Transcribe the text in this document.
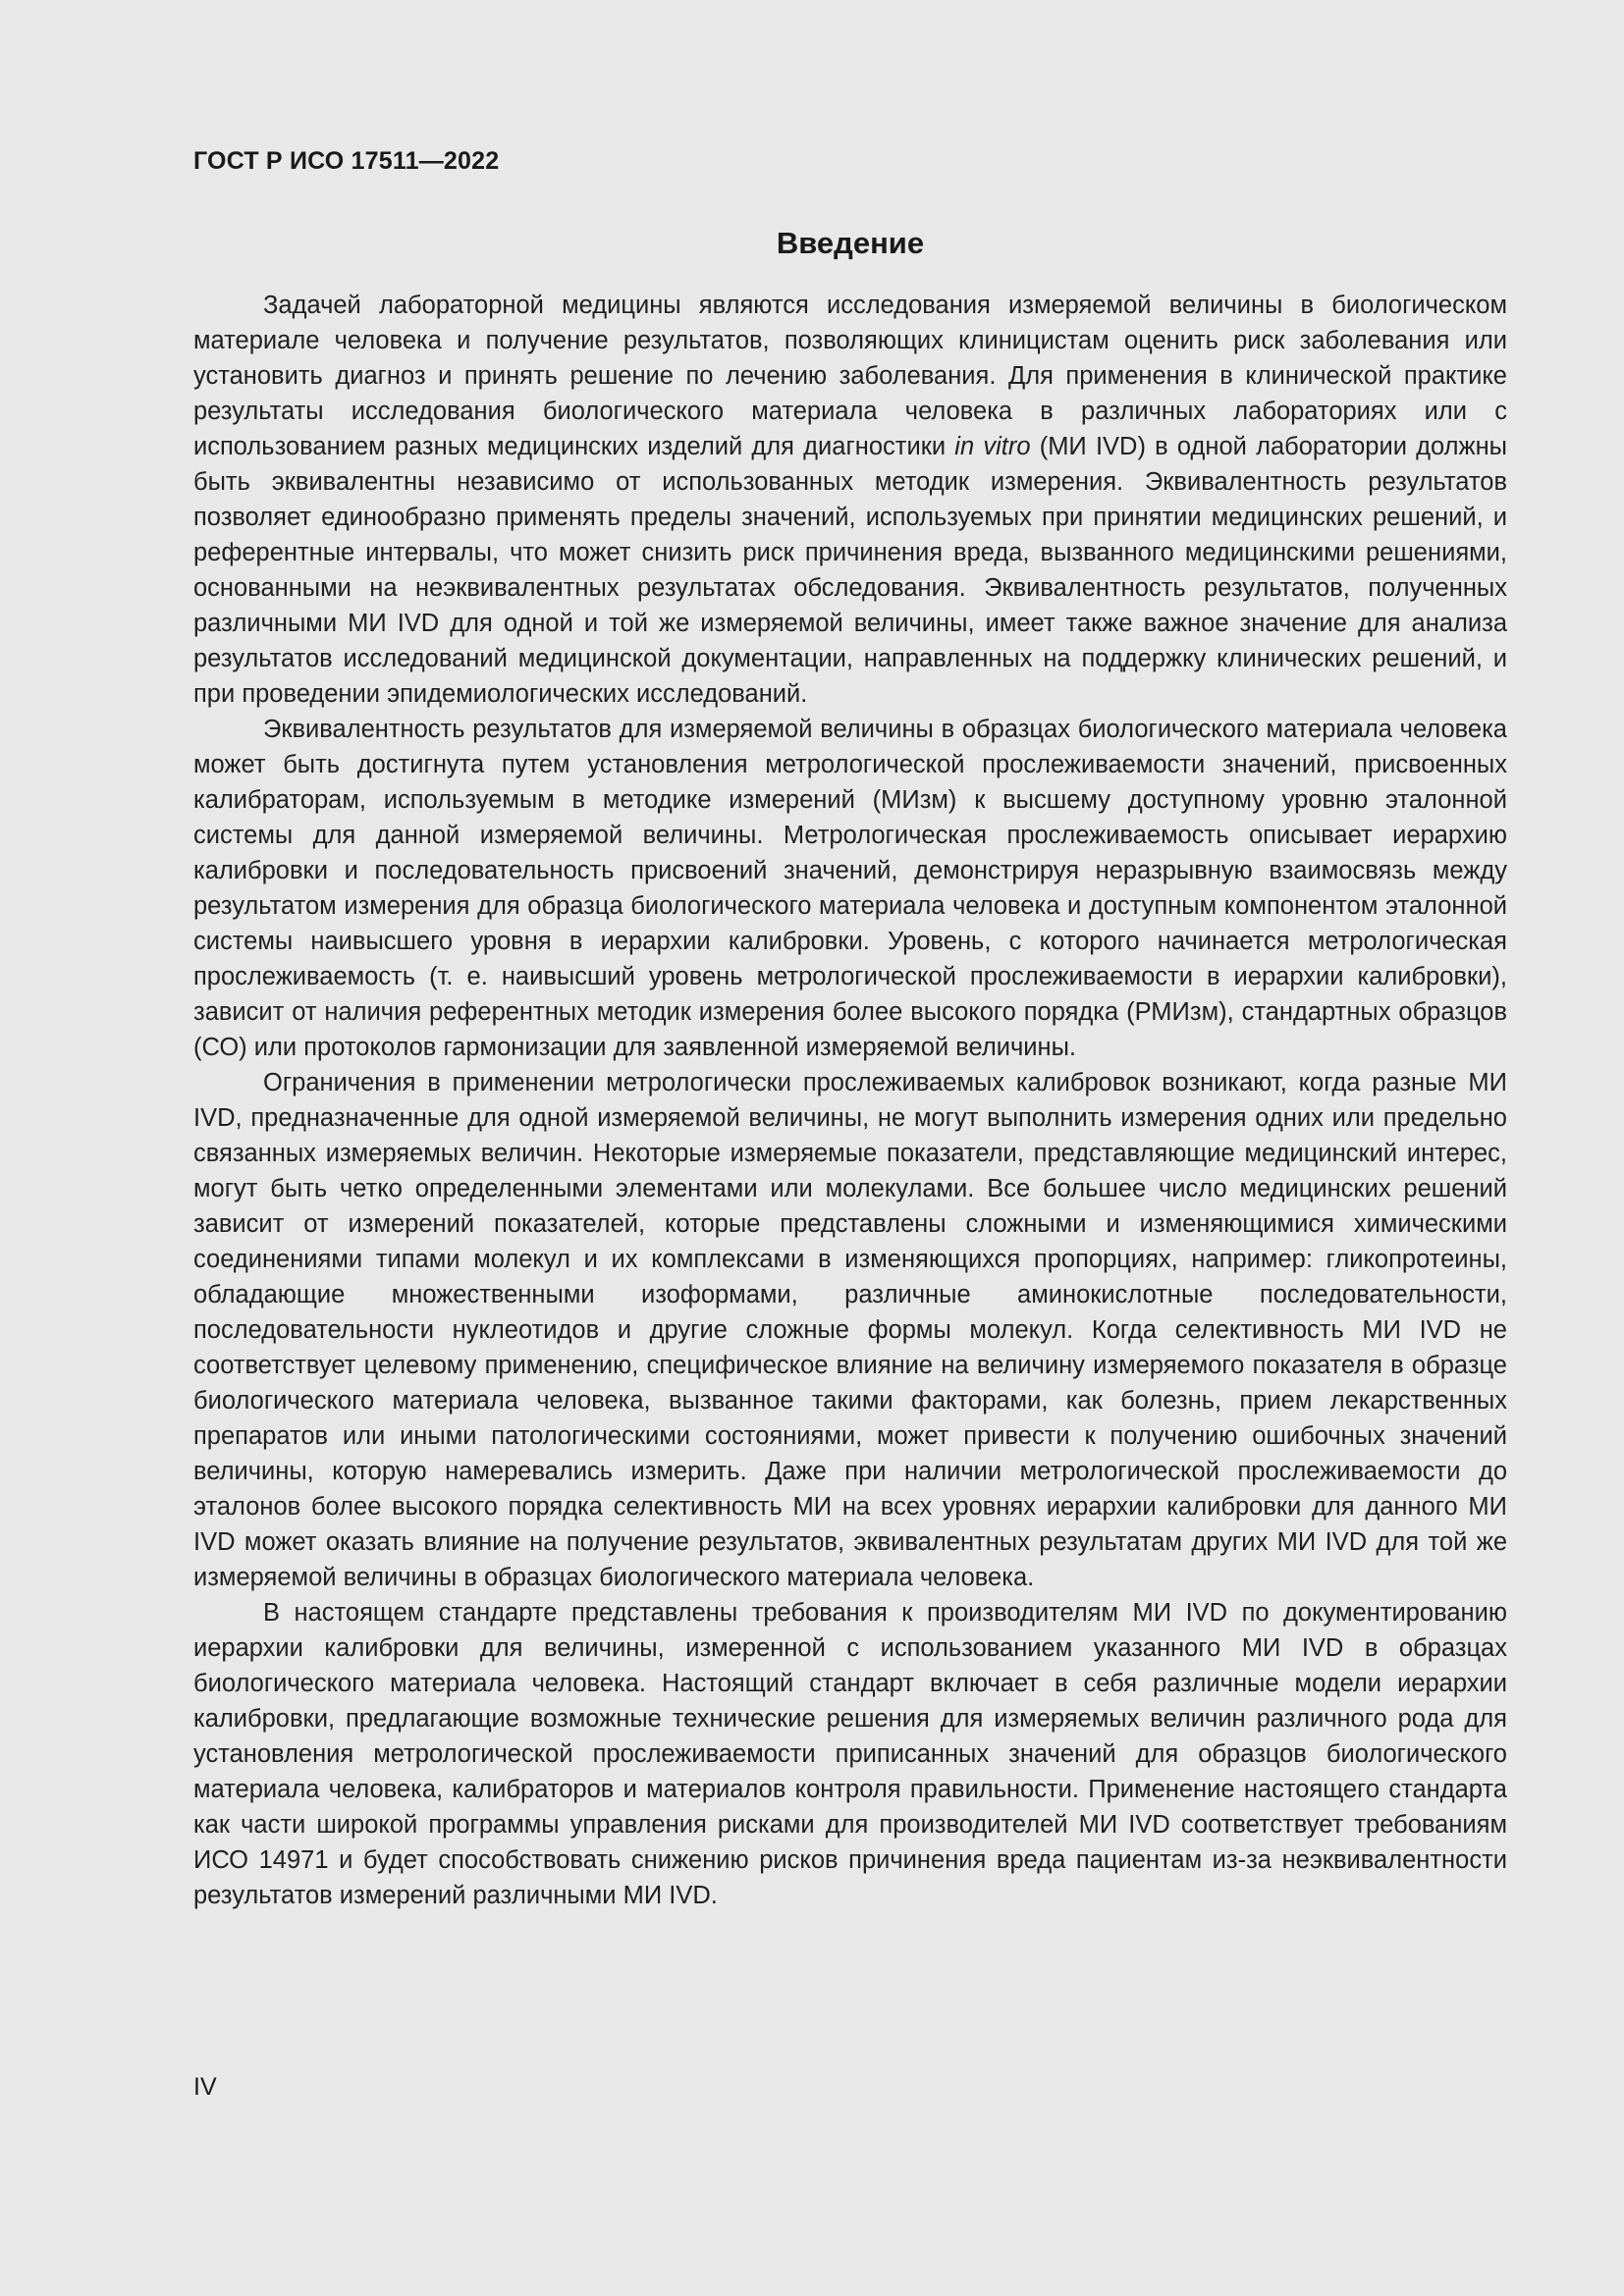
ГОСТ Р ИСО 17511—2022
Введение

Задачей лабораторной медицины являются исследования измеряемой величины в биологическом материале человека и получение результатов, позволяющих клиницистам оценить риск заболевания или установить диагноз и принять решение по лечению заболевания. Для применения в клинической практике результаты исследования биологического материала человека в различных лабораториях или с использованием разных медицинских изделий для диагностики in vitro (МИ IVD) в одной лаборатории должны быть эквивалентны независимо от использованных методик измерения. Эквивалентность результатов позволяет единообразно применять пределы значений, используемых при принятии медицинских решений, и референтные интервалы, что может снизить риск причинения вреда, вызванного медицинскими решениями, основанными на неэквивалентных результатах обследования. Эквивалентность результатов, полученных различными МИ IVD для одной и той же измеряемой величины, имеет также важное значение для анализа результатов исследований медицинской документации, направленных на поддержку клинических решений, и при проведении эпидемиологических исследований.

Эквивалентность результатов для измеряемой величины в образцах биологического материала человека может быть достигнута путем установления метрологической прослеживаемости значений, присвоенных калибраторам, используемым в методике измерений (МИзм) к высшему доступному уровню эталонной системы для данной измеряемой величины. Метрологическая прослеживаемость описывает иерархию калибровки и последовательность присвоений значений, демонстрируя неразрывную взаимосвязь между результатом измерения для образца биологического материала человека и доступным компонентом эталонной системы наивысшего уровня в иерархии калибровки. Уровень, с которого начинается метрологическая прослеживаемость (т. е. наивысший уровень метрологической прослеживаемости в иерархии калибровки), зависит от наличия референтных методик измерения более высокого порядка (РМИзм), стандартных образцов (СО) или протоколов гармонизации для заявленной измеряемой величины.

Ограничения в применении метрологически прослеживаемых калибровок возникают, когда разные МИ IVD, предназначенные для одной измеряемой величины, не могут выполнить измерения одних или предельно связанных измеряемых величин. Некоторые измеряемые показатели, представляющие медицинский интерес, могут быть четко определенными элементами или молекулами. Все большее число медицинских решений зависит от измерений показателей, которые представлены сложными и изменяющимися химическими соединениями типами молекул и их комплексами в изменяющихся пропорциях, например: гликопротеины, обладающие множественными изоформами, различные аминокислотные последовательности, последовательности нуклеотидов и другие сложные формы молекул. Когда селективность МИ IVD не соответствует целевому применению, специфическое влияние на величину измеряемого показателя в образце биологического материала человека, вызванное такими факторами, как болезнь, прием лекарственных препаратов или иными патологическими состояниями, может привести к получению ошибочных значений величины, которую намеревались измерить. Даже при наличии метрологической прослеживаемости до эталонов более высокого порядка селективность МИ на всех уровнях иерархии калибровки для данного МИ IVD может оказать влияние на получение результатов, эквивалентных результатам других МИ IVD для той же измеряемой величины в образцах биологического материала человека.

В настоящем стандарте представлены требования к производителям МИ IVD по документированию иерархии калибровки для величины, измеренной с использованием указанного МИ IVD в образцах биологического материала человека. Настоящий стандарт включает в себя различные модели иерархии калибровки, предлагающие возможные технические решения для измеряемых величин различного рода для установления метрологической прослеживаемости приписанных значений для образцов биологического материала человека, калибраторов и материалов контроля правильности. Применение настоящего стандарта как части широкой программы управления рисками для производителей МИ IVD соответствует требованиям ИСО 14971 и будет способствовать снижению рисков причинения вреда пациентам из-за неэквивалентности результатов измерений различными МИ IVD.

IV
